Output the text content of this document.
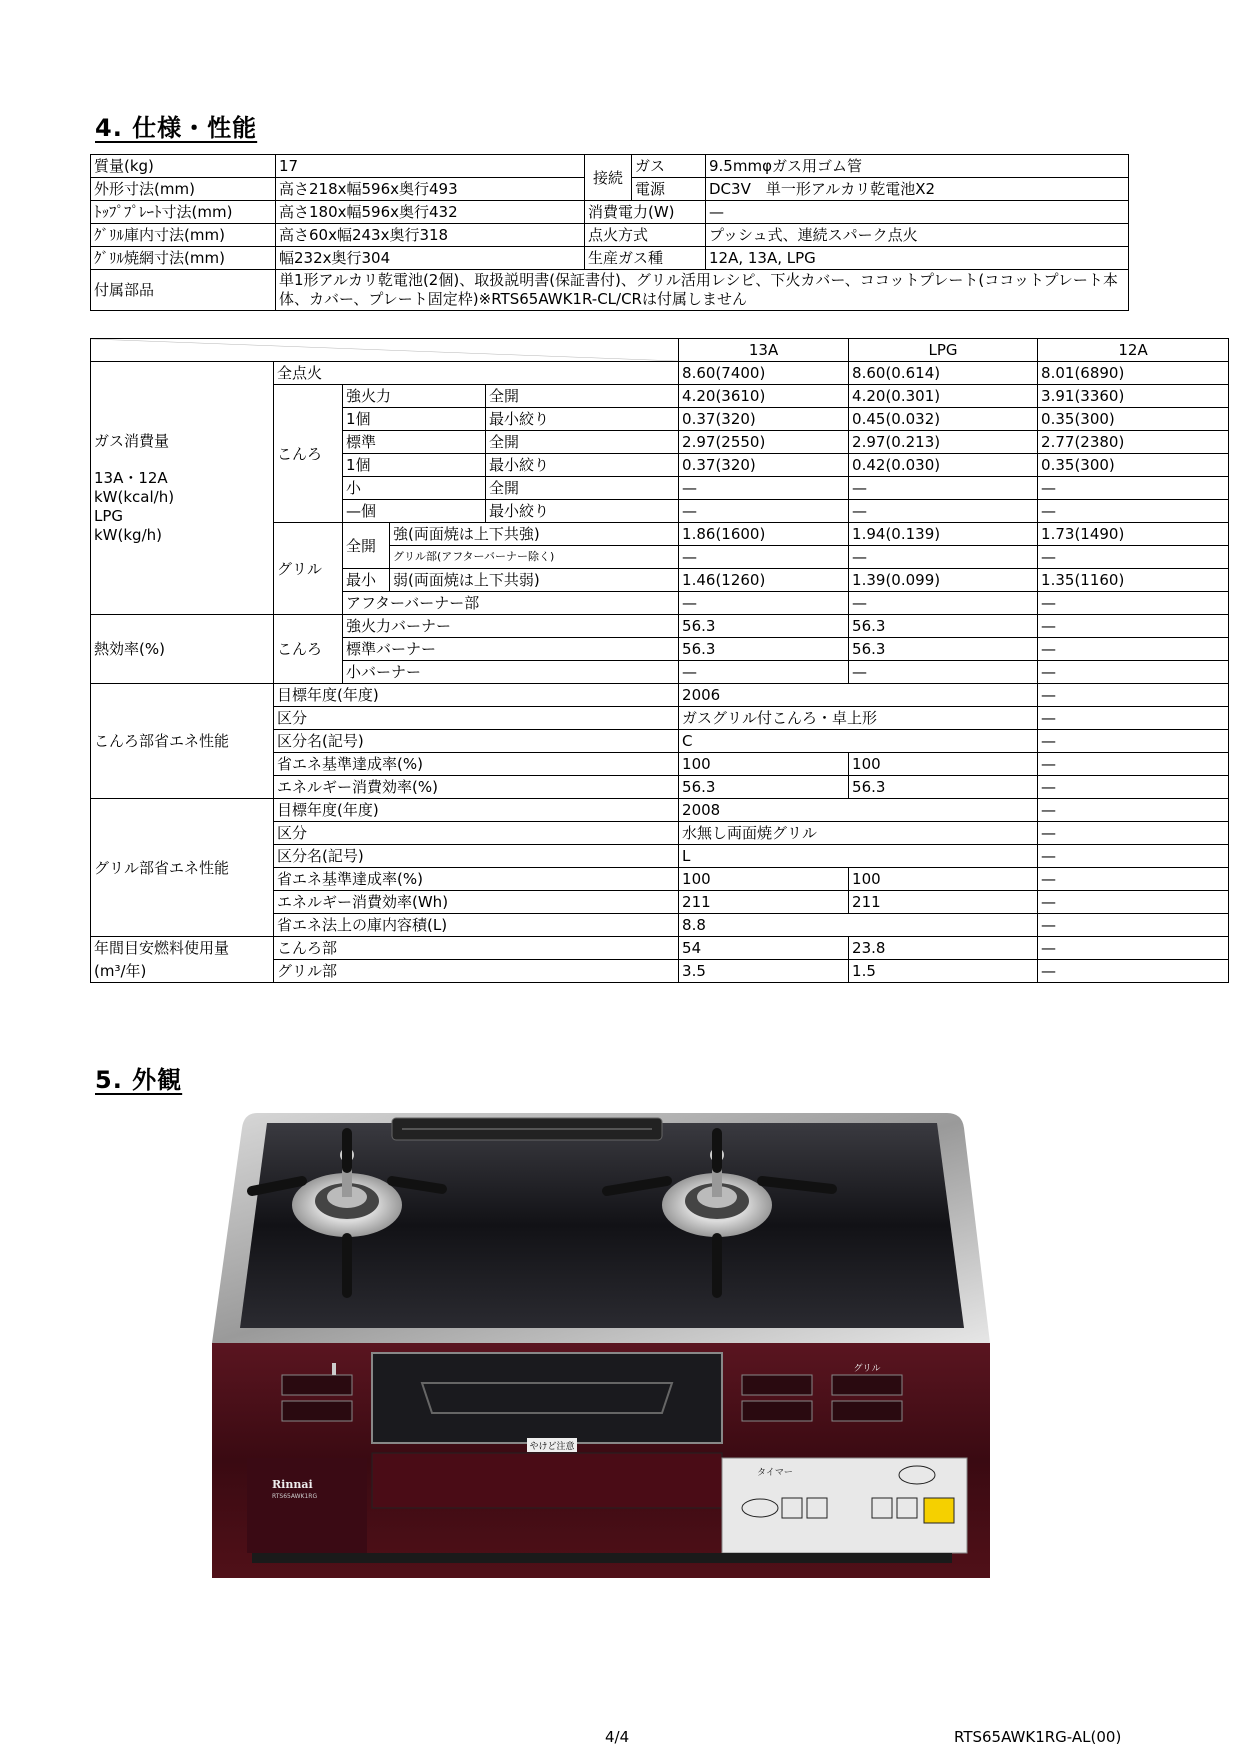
4. 仕様・性能
質量(kg)	17	接続	ガス	9.5mmφガス用ゴム管
外形寸法(mm)	高さ218x幅596x奥行493		電源	DC3V　単一形アルカリ乾電池X2
ﾄｯﾌﾟﾌﾟﾚｰﾄ寸法(mm)	高さ180x幅596x奥行432	消費電力(W)		—
ｸﾞﾘﾙ庫内寸法(mm)	高さ60x幅243x奥行318	点火方式		プッシュ式、連続スパーク点火
ｸﾞﾘﾙ焼網寸法(mm)	幅232x奥行304	生産ガス種		12A, 13A, LPG
付属部品	単1形アルカリ乾電池(2個)、取扱説明書(保証書付)、グリル活用レシピ、下火カバー、ココットプレート(ココットプレート本体、カバー、プレート固定枠)※RTS65AWK1R-CL/CRは付属しません			
	13A	LPG	12A

ガス消費量
13A・12A
kW(kcal/h)
LPG
kW(kg/h)	全点火				8.60(7400)	8.60(0.614)	8.01(6890)
	こんろ	強火力		全開	4.20(3610)	4.20(0.301)	3.91(3360)
		1個		最小絞り	0.37(320)	0.45(0.032)	0.35(300)
		標準		全開	2.97(2550)	2.97(0.213)	2.77(2380)
		1個		最小絞り	0.37(320)	0.42(0.030)	0.35(300)
		小		全開	—	—	—
		—個		最小絞り	—	—	—
	グリル	全開	強(両面焼は上下共強)		1.86(1600)	1.94(0.139)	1.73(1490)
			グリル部(アフターバーナー除く)		—	—	—
		最小	弱(両面焼は上下共弱)		1.46(1260)	1.39(0.099)	1.35(1160)
		アフターバーナー部			—	—	—
熱効率(%)	こんろ	強火力バーナー			56.3	56.3	—
		標準バーナー			56.3	56.3	—
		小バーナー			—	—	—
こんろ部省エネ性能	目標年度(年度)				2006		—
	区分				ガスグリル付こんろ・卓上形		—
	区分名(記号)				C		—
	省エネ基準達成率(%)				100	100	—
	エネルギー消費効率(%)				56.3	56.3	—
グリル部省エネ性能	目標年度(年度)				2008		—
	区分				水無し両面焼グリル		—
	区分名(記号)				L		—
	省エネ基準達成率(%)				100	100	—
	エネルギー消費効率(Wh)				211	211	—
	省エネ法上の庫内容積(L)				8.8		—
年間目安燃料使用量	こんろ部				54	23.8	—
(m³/年)	グリル部				3.5	1.5	—
5. 外観
やけど注意
グリル
Rinnai
RTS65AWK1RG
タイマー
4/4	RTS65AWK1RG-AL(00)
